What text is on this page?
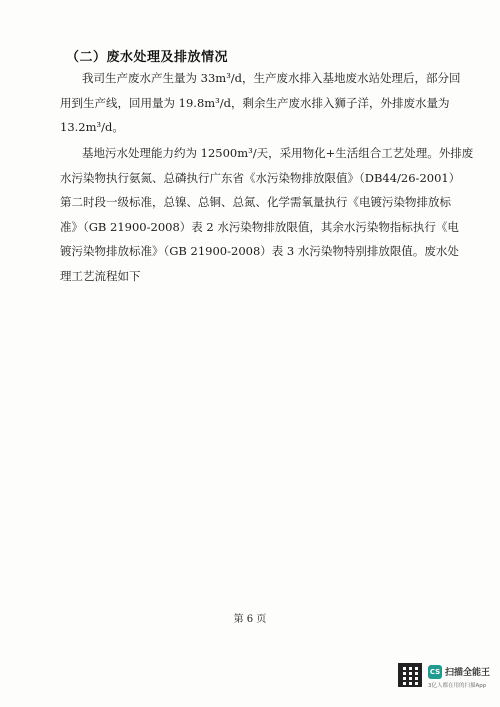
（二）废水处理及排放情况
我司生产废水产生量为 33m³/d，生产废水排入基地废水站处理后，部分回
用到生产线，回用量为 19.8m³/d，剩余生产废水排入狮子洋，外排废水量为
13.2m³/d。
基地污水处理能力约为 12500m³/天，采用物化+生活组合工艺处理。外排废
水污染物执行氨氮、总磷执行广东省《水污染物排放限值》（DB44/26-2001）
第二时段一级标准，总镍、总铜、总氮、化学需氧量执行《电镀污染物排放标
准》（GB 21900-2008）表 2 水污染物排放限值，其余水污染物指标执行《电
镀污染物排放标准》（GB 21900-2008）表 3 水污染物特别排放限值。废水处
理工艺流程如下
第 6 页
CS 扫描全能王
3亿人都在用的扫描App
